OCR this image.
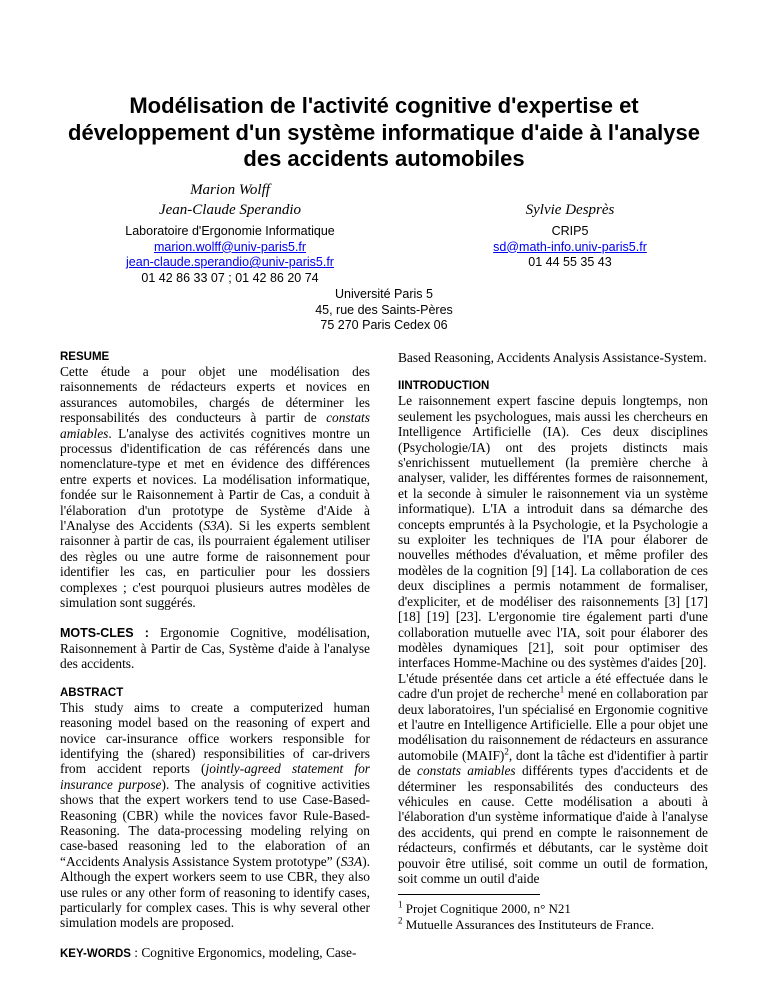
Modélisation de l'activité cognitive d'expertise et développement d'un système informatique d'aide à l'analyse des accidents automobiles
Marion Wolff
Jean-Claude Sperandio
Laboratoire d'Ergonomie Informatique
marion.wolff@univ-paris5.fr
jean-claude.sperandio@univ-paris5.fr
01 42 86 33 07 ; 01 42 86 20 74
Sylvie Desprès
CRIP5
sd@math-info.univ-paris5.fr
01 44 55 35 43
Université Paris 5
45, rue des Saints-Pères
75 270 Paris Cedex 06
RESUME

Cette étude a pour objet une modélisation des raisonnements de rédacteurs experts et novices en assurances automobiles, chargés de déterminer les responsabilités des conducteurs à partir de constats amiables. L'analyse des activités cognitives montre un processus d'identification de cas référencés dans une nomenclature-type et met en évidence des différences entre experts et novices. La modélisation informatique, fondée sur le Raisonnement à Partir de Cas, a conduit à l'élaboration d'un prototype de Système d'Aide à l'Analyse des Accidents (S3A). Si les experts semblent raisonner à partir de cas, ils pourraient également utiliser des règles ou une autre forme de raisonnement pour identifier les cas, en particulier pour les dossiers complexes ; c'est pourquoi plusieurs autres modèles de simulation sont suggérés.

MOTS-CLES : Ergonomie Cognitive, modélisation, Raisonnement à Partir de Cas, Système d'aide à l'analyse des accidents.

ABSTRACT

This study aims to create a computerized human reasoning model based on the reasoning of expert and novice car-insurance office workers responsible for identifying the (shared) responsibilities of car-drivers from accident reports (jointly-agreed statement for insurance purpose). The analysis of cognitive activities shows that the expert workers tend to use Case-Based-Reasoning (CBR) while the novices favor Rule-Based-Reasoning. The data-processing modeling relying on case-based reasoning led to the elaboration of an “Accidents Analysis Assistance System prototype” (S3A). Although the expert workers seem to use CBR, they also use rules or any other form of reasoning to identify cases, particularly for complex cases. This is why several other simulation models are proposed.

KEY-WORDS : Cognitive Ergonomics, modeling, Case-

Based Reasoning, Accidents Analysis Assistance-System.

IINTRODUCTION

Le raisonnement expert fascine depuis longtemps, non seulement les psychologues, mais aussi les chercheurs en Intelligence Artificielle (IA). Ces deux disciplines (Psychologie/IA) ont des projets distincts mais s'enrichissent mutuellement (la première cherche à analyser, valider, les différentes formes de raisonnement, et la seconde à simuler le raisonnement via un système informatique). L'IA a introduit dans sa démarche des concepts empruntés à la Psychologie, et la Psychologie a su exploiter les techniques de l'IA pour élaborer de nouvelles méthodes d'évaluation, et même profiler des modèles de la cognition [9] [14]. La collaboration de ces deux disciplines a permis notamment de formaliser, d'expliciter, et de modéliser des raisonnements [3] [17] [18] [19] [23]. L'ergonomie tire également parti d'une collaboration mutuelle avec l'IA, soit pour élaborer des modèles dynamiques [21], soit pour optimiser des interfaces Homme-Machine ou des systèmes d'aides [20].

L'étude présentée dans cet article a été effectuée dans le cadre d'un projet de recherche$^1$ mené en collaboration par deux laboratoires, l'un spécialisé en Ergonomie cognitive et l'autre en Intelligence Artificielle. Elle a pour objet une modélisation du raisonnement de rédacteurs en assurance automobile (MAIF)$^2$, dont la tâche est d'identifier à partir de constats amiables différents types d'accidents et de déterminer les responsabilités des conducteurs des véhicules en cause. Cette modélisation a abouti à l'élaboration d'un système informatique d'aide à l'analyse des accidents, qui prend en compte le raisonnement de rédacteurs, confirmés et débutants, car le système doit pouvoir être utilisé, soit comme un outil de formation, soit comme un outil d'aide

$^1$ Projet Cognitique 2000, n° N21
$^2$ Mutuelle Assurances des Instituteurs de France.
